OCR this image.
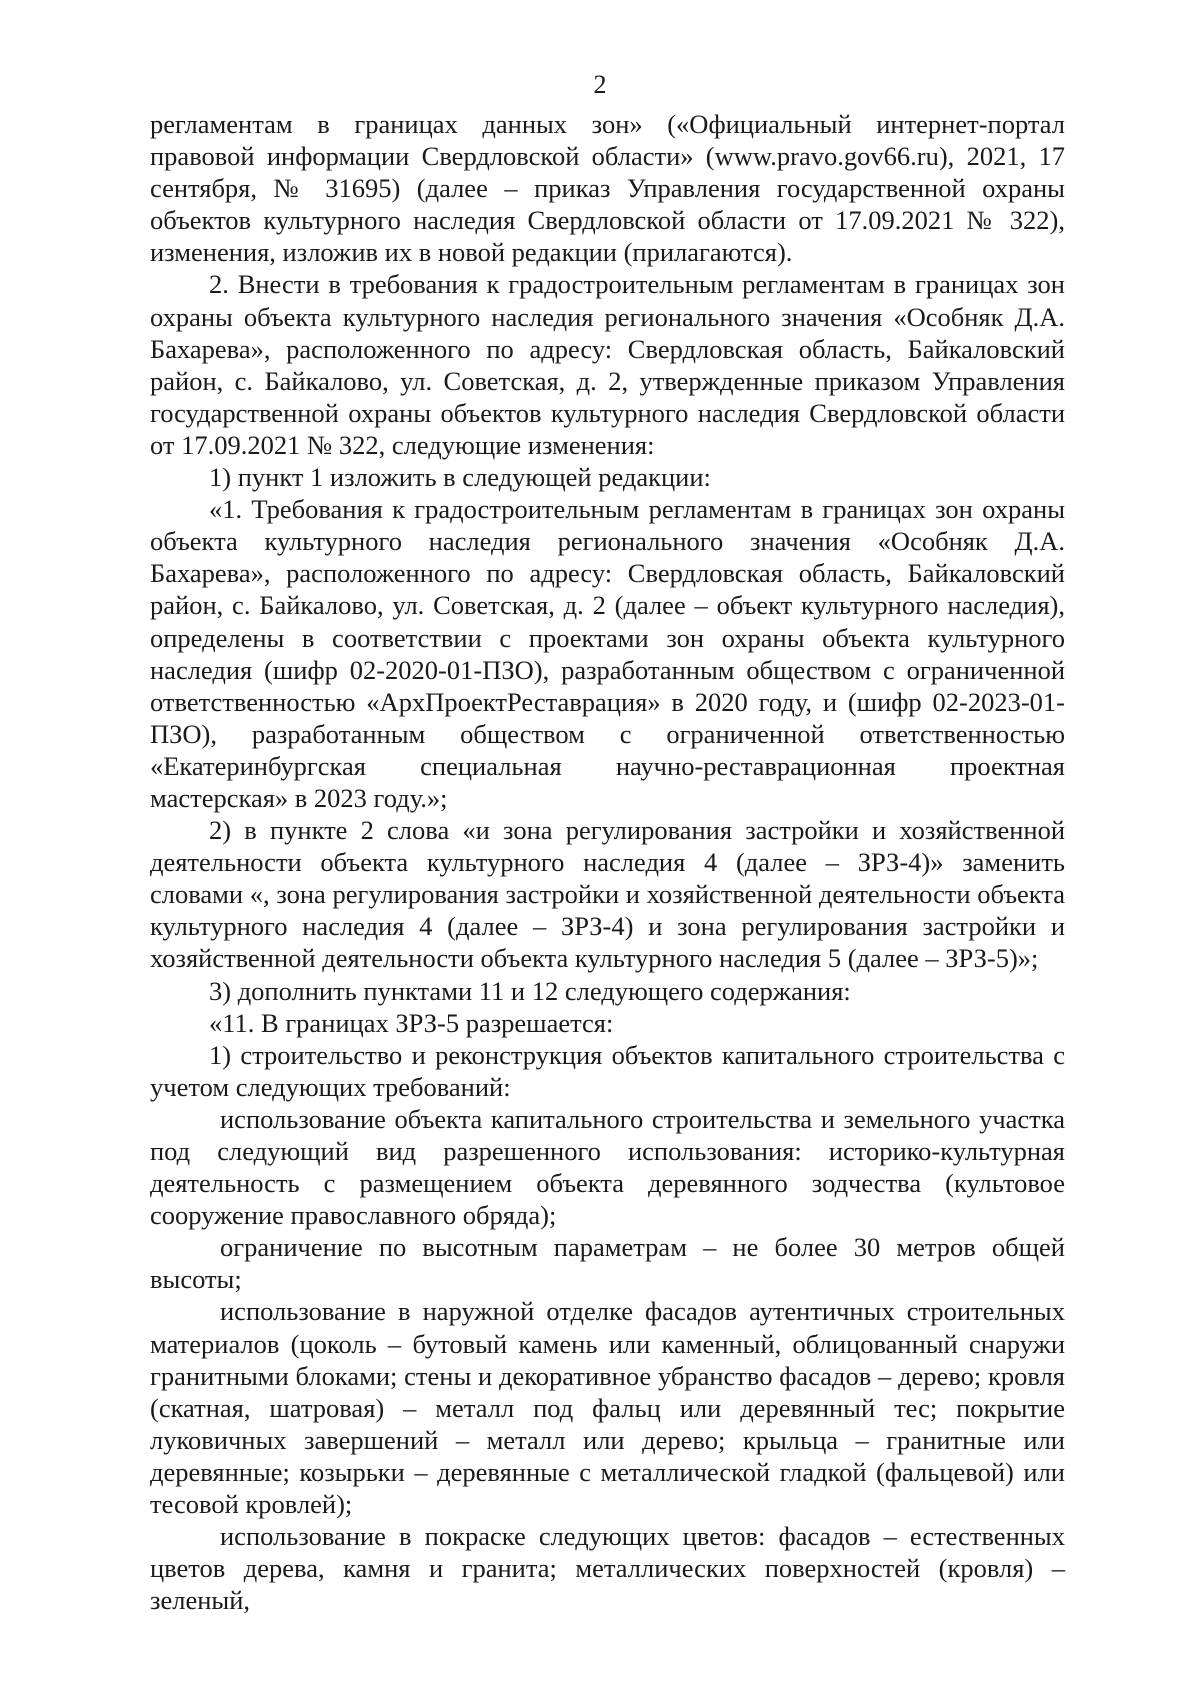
2

регламентам в границах данных зон» («Официальный интернет-портал правовой информации Свердловской области» (www.pravo.gov66.ru), 2021, 17 сентября, № 31695) (далее – приказ Управления государственной охраны объектов культурного наследия Свердловской области от 17.09.2021 № 322), изменения, изложив их в новой редакции (прилагаются).

2. Внести в требования к градостроительным регламентам в границах зон охраны объекта культурного наследия регионального значения «Особняк Д.А. Бахарева», расположенного по адресу: Свердловская область, Байкаловский район, с. Байкалово, ул. Советская, д. 2, утвержденные приказом Управления государственной охраны объектов культурного наследия Свердловской области от 17.09.2021 № 322, следующие изменения:

1) пункт 1 изложить в следующей редакции:

«1. Требования к градостроительным регламентам в границах зон охраны объекта культурного наследия регионального значения «Особняк Д.А. Бахарева», расположенного по адресу: Свердловская область, Байкаловский район, с. Байкалово, ул. Советская, д. 2 (далее – объект культурного наследия), определены в соответствии с проектами зон охраны объекта культурного наследия (шифр 02-2020-01-ПЗО), разработанным обществом с ограниченной ответственностью «АрхПроектРеставрация» в 2020 году, и (шифр 02-2023-01-ПЗО), разработанным обществом с ограниченной ответственностью «Екатеринбургская специальная научно-реставрационная проектная мастерская» в 2023 году.»;

2) в пункте 2 слова «и зона регулирования застройки и хозяйственной деятельности объекта культурного наследия 4 (далее – ЗРЗ-4)» заменить словами «, зона регулирования застройки и хозяйственной деятельности объекта культурного наследия 4 (далее – ЗРЗ-4) и зона регулирования застройки и хозяйственной деятельности объекта культурного наследия 5 (далее – ЗРЗ-5)»;

3) дополнить пунктами 11 и 12 следующего содержания:

«11. В границах ЗРЗ-5 разрешается:

1) строительство и реконструкция объектов капитального строительства с учетом следующих требований:

использование объекта капитального строительства и земельного участка под следующий вид разрешенного использования: историко-культурная деятельность с размещением объекта деревянного зодчества (культовое сооружение православного обряда);

ограничение по высотным параметрам – не более 30 метров общей высоты;

использование в наружной отделке фасадов аутентичных строительных материалов (цоколь – бутовый камень или каменный, облицованный снаружи гранитными блоками; стены и декоративное убранство фасадов – дерево; кровля (скатная, шатровая) – металл под фальц или деревянный тес; покрытие луковичных завершений – металл или дерево; крыльца – гранитные или деревянные; козырьки – деревянные с металлической гладкой (фальцевой) или тесовой кровлей);

использование в покраске следующих цветов: фасадов – естественных цветов дерева, камня и гранита; металлических поверхностей (кровля) – зеленый,
